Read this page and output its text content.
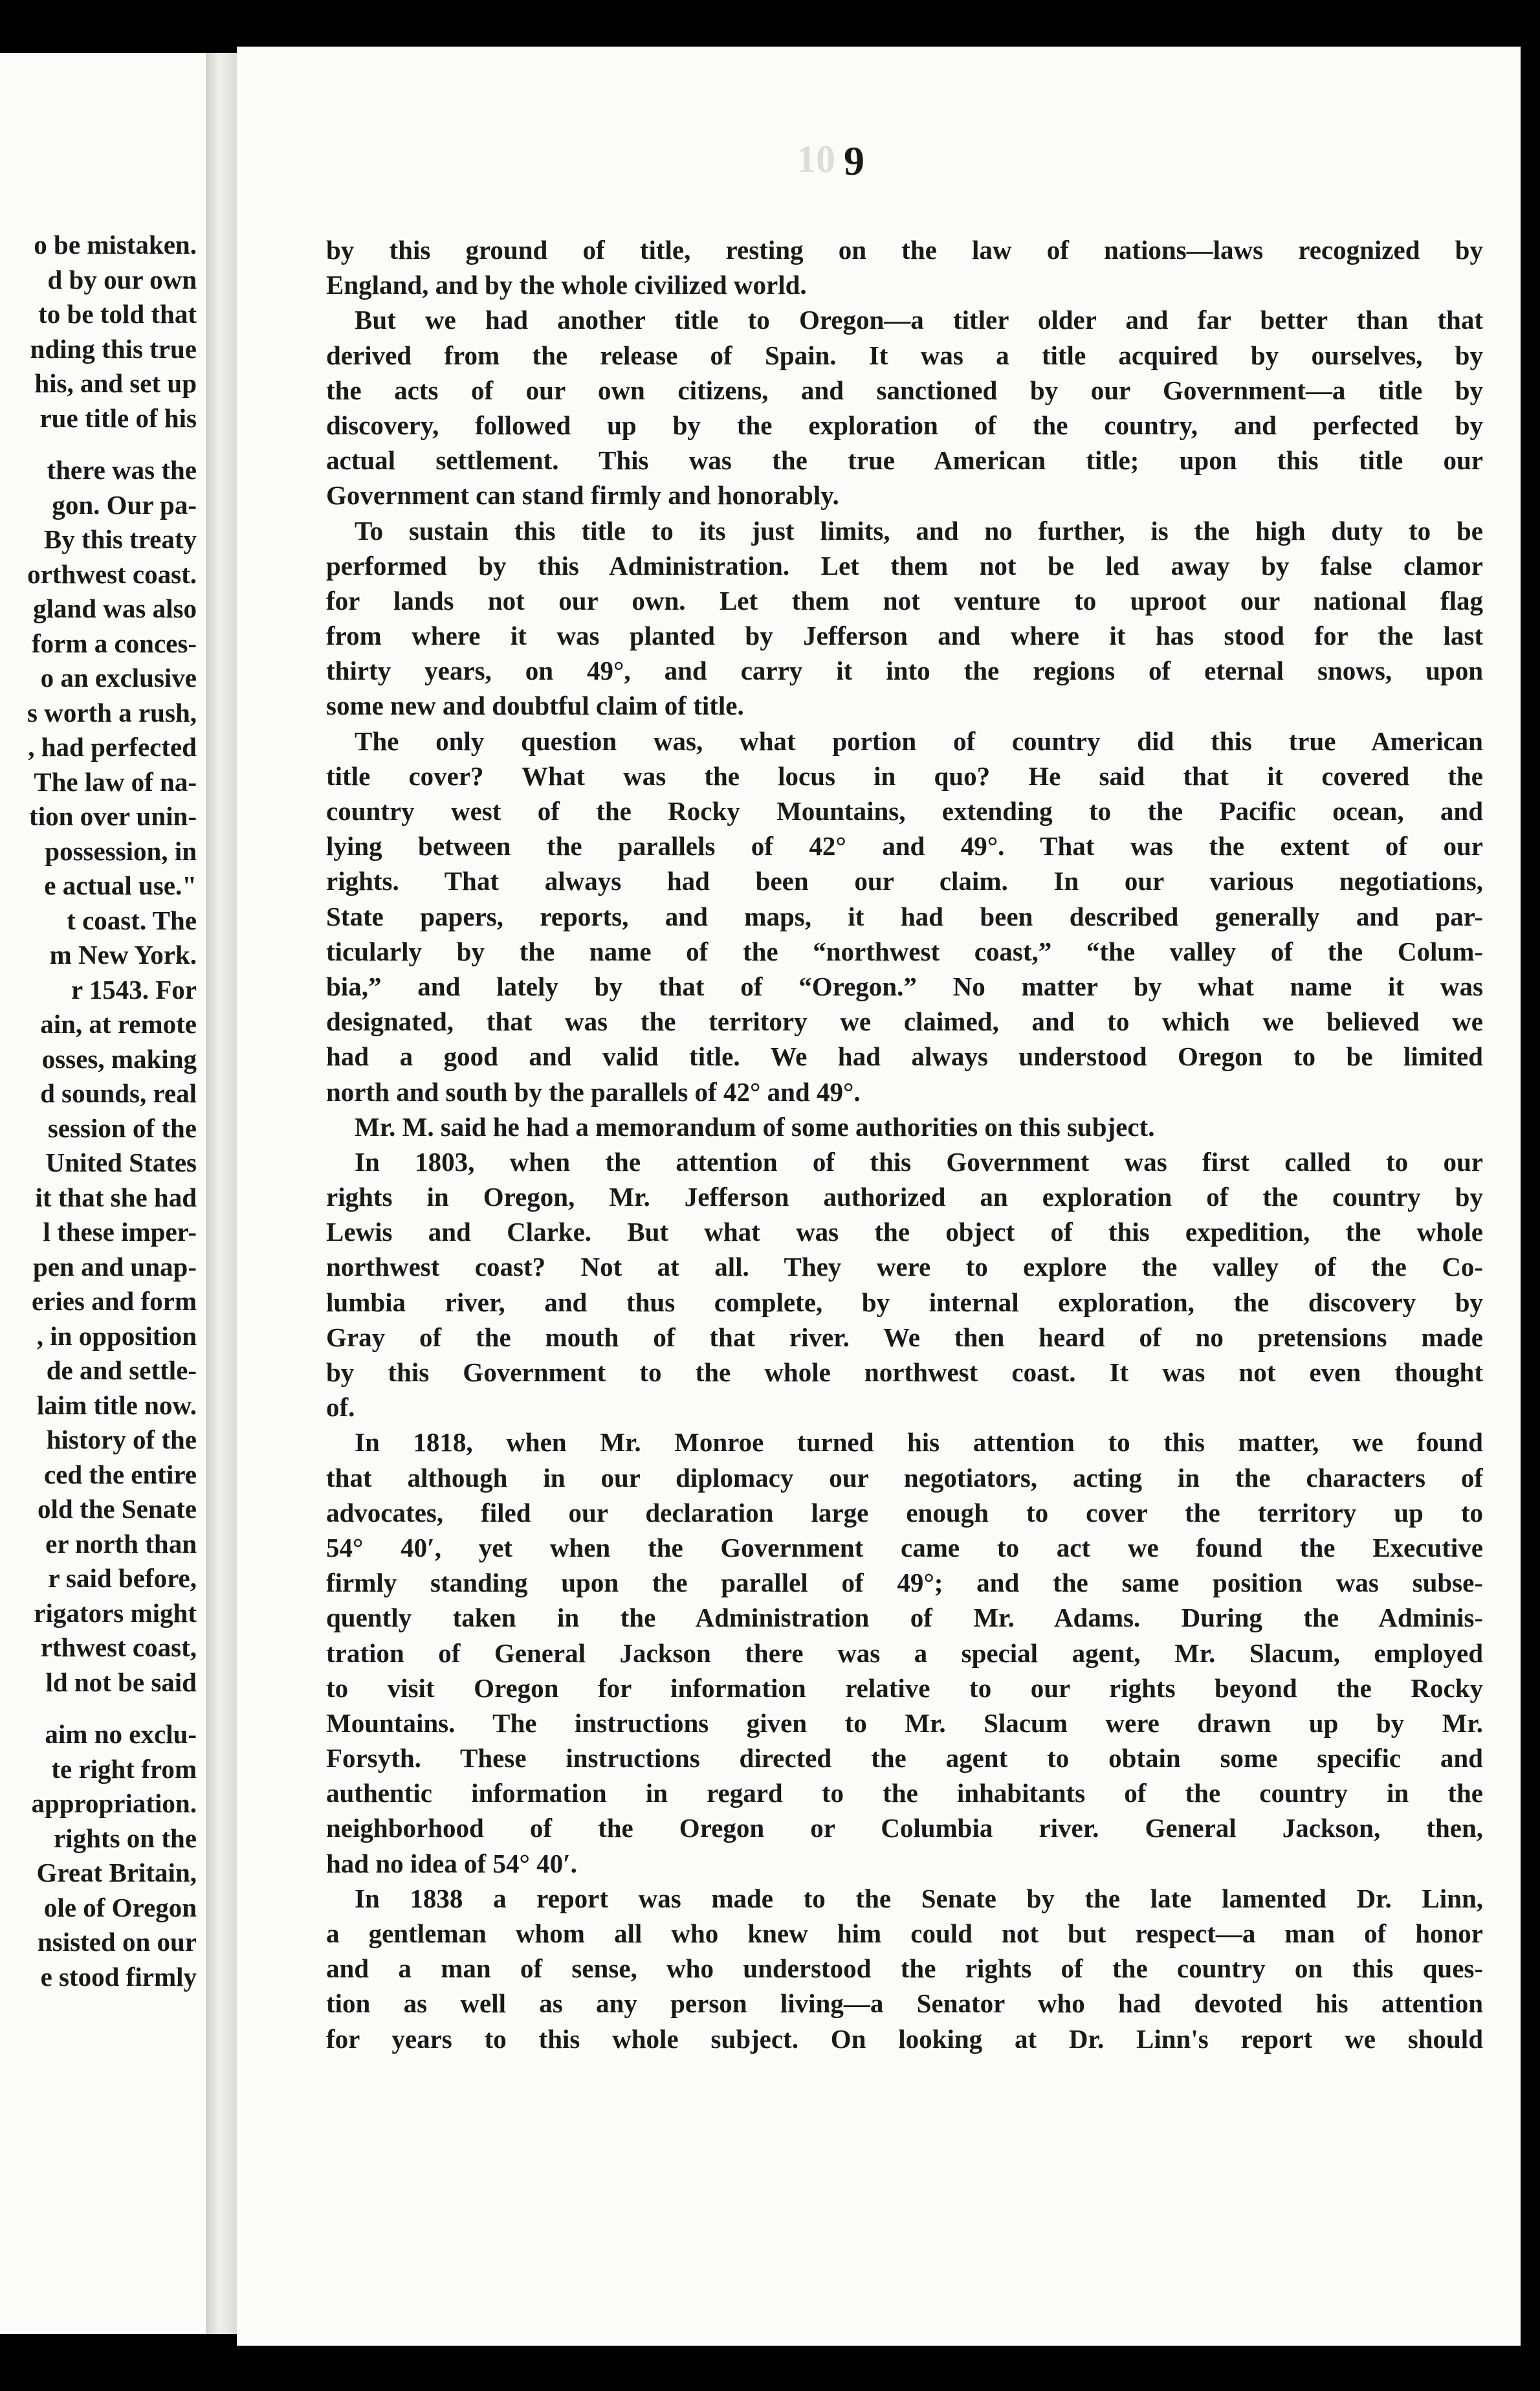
o be mistaken.
d by our own
to be told that
nding this true
his, and set up
rue title of his
there was the
gon. Our pa-
By this treaty
orthwest coast.
gland was also
form a conces-
o an exclusive
s worth a rush,
, had perfected
The law of na-
tion over unin-
possession, in
e actual use."
t coast. The
m New York.
r 1543. For
ain, at remote
osses, making
d sounds, real
session of the
United States
it that she had
l these imper-
pen and unap-
eries and form
, in opposition
de and settle-
laim title now.
history of the
ced the entire
old the Senate
er north than
r said before,
rigators might
rthwest coast,
ld not be said
aim no exclu-
te right from
appropriation.
rights on the
Great Britain,
ole of Oregon
nsisted on our
e stood firmly
10 9
by this ground of title, resting on the law of nations—laws recognized by
England, and by the whole civilized world.
But we had another title to Oregon—a titler older and far better than that
derived from the release of Spain. It was a title acquired by ourselves, by
the acts of our own citizens, and sanctioned by our Government—a title by
discovery, followed up by the exploration of the country, and perfected by
actual settlement. This was the true American title; upon this title our
Government can stand firmly and honorably.
To sustain this title to its just limits, and no further, is the high duty to be
performed by this Administration. Let them not be led away by false clamor
for lands not our own. Let them not venture to uproot our national flag
from where it was planted by Jefferson and where it has stood for the last
thirty years, on 49°, and carry it into the regions of eternal snows, upon
some new and doubtful claim of title.
The only question was, what portion of country did this true American
title cover? What was the locus in quo? He said that it covered the
country west of the Rocky Mountains, extending to the Pacific ocean, and
lying between the parallels of 42° and 49°. That was the extent of our
rights. That always had been our claim. In our various negotiations,
State papers, reports, and maps, it had been described generally and par-
ticularly by the name of the “northwest coast,” “the valley of the Colum-
bia,” and lately by that of “Oregon.” No matter by what name it was
designated, that was the territory we claimed, and to which we believed we
had a good and valid title. We had always understood Oregon to be limited
north and south by the parallels of 42° and 49°.
Mr. M. said he had a memorandum of some authorities on this subject.
In 1803, when the attention of this Government was first called to our
rights in Oregon, Mr. Jefferson authorized an exploration of the country by
Lewis and Clarke. But what was the object of this expedition, the whole
northwest coast? Not at all. They were to explore the valley of the Co-
lumbia river, and thus complete, by internal exploration, the discovery by
Gray of the mouth of that river. We then heard of no pretensions made
by this Government to the whole northwest coast. It was not even thought
of.
In 1818, when Mr. Monroe turned his attention to this matter, we found
that although in our diplomacy our negotiators, acting in the characters of
advocates, filed our declaration large enough to cover the territory up to
54° 40′, yet when the Government came to act we found the Executive
firmly standing upon the parallel of 49°; and the same position was subse-
quently taken in the Administration of Mr. Adams. During the Adminis-
tration of General Jackson there was a special agent, Mr. Slacum, employed
to visit Oregon for information relative to our rights beyond the Rocky
Mountains. The instructions given to Mr. Slacum were drawn up by Mr.
Forsyth. These instructions directed the agent to obtain some specific and
authentic information in regard to the inhabitants of the country in the
neighborhood of the Oregon or Columbia river. General Jackson, then,
had no idea of 54° 40′.
In 1838 a report was made to the Senate by the late lamented Dr. Linn,
a gentleman whom all who knew him could not but respect—a man of honor
and a man of sense, who understood the rights of the country on this ques-
tion as well as any person living—a Senator who had devoted his attention
for years to this whole subject. On looking at Dr. Linn's report we should
